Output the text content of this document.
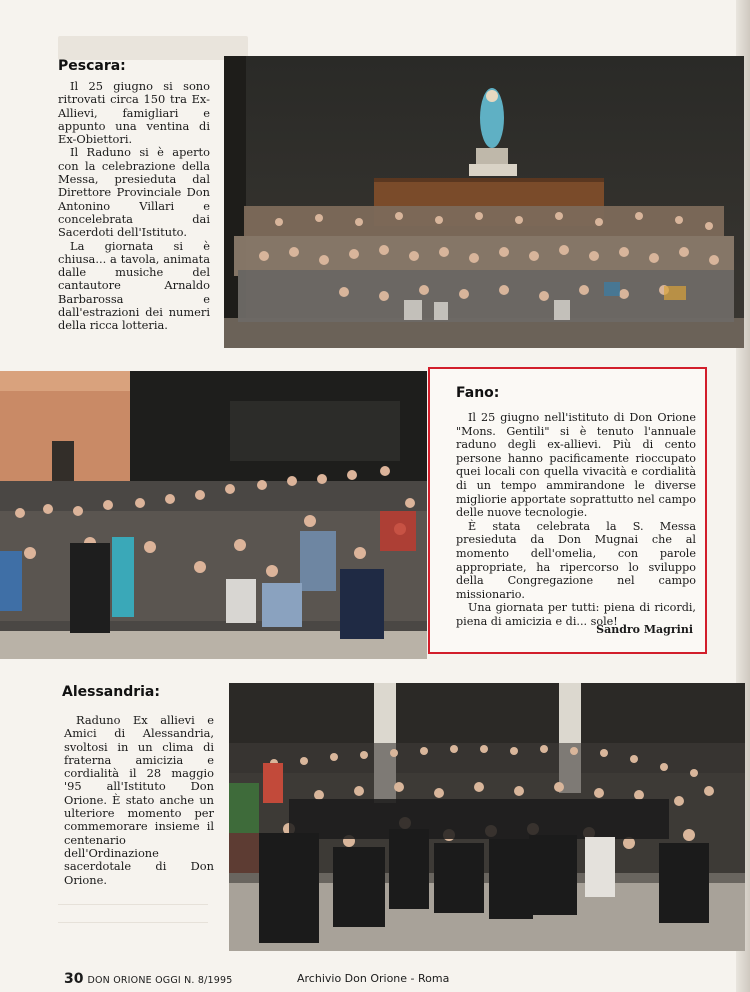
Pescara:

Il 25 giugno si sono ritrovati circa 150 tra Ex-Allievi, famigliari e appunto una ventina di Ex-Obiettori.

Il Raduno si è aperto con la celebrazione della Messa, presieduta dal Direttore Provinciale Don Antonino Villari e concelebrata dai Sacerdoti dell'Istituto.

La giornata si è chiusa... a tavola, animata dalle musiche del cantautore Arnaldo Barbarossa e dall'estrazioni dei numeri della ricca lotteria.

Fano:

Il 25 giugno nell'istituto di Don Orione "Mons. Gentili" si è tenuto l'annuale raduno degli ex-allievi. Più di cento persone hanno pacificamente rioccupato quei locali con quella vivacità e cordialità di un tempo ammirandone le diverse migliorie apportate soprattutto nel campo delle nuove tecnologie.

È stata celebrata la S. Messa presieduta da Don Mugnai che al momento dell'omelia, con parole appropriate, ha ripercorso lo sviluppo della Congregazione nel campo missionario.

Una giornata per tutti: piena di ricordi, piena di amicizia e di... sole!

Sandro Magrini
Alessandria:

Raduno Ex allievi e Amici di Alessandria, svoltosi in un clima di fraterna amicizia e cordialità il 28 maggio '95 all'Istituto Don Orione. È stato anche un ulteriore momento per commemorare insieme il centenario dell'Ordinazione sacerdotale di Don Orione.

30 DON ORIONE OGGI N. 8/1995	Archivio Don Orione - Roma
